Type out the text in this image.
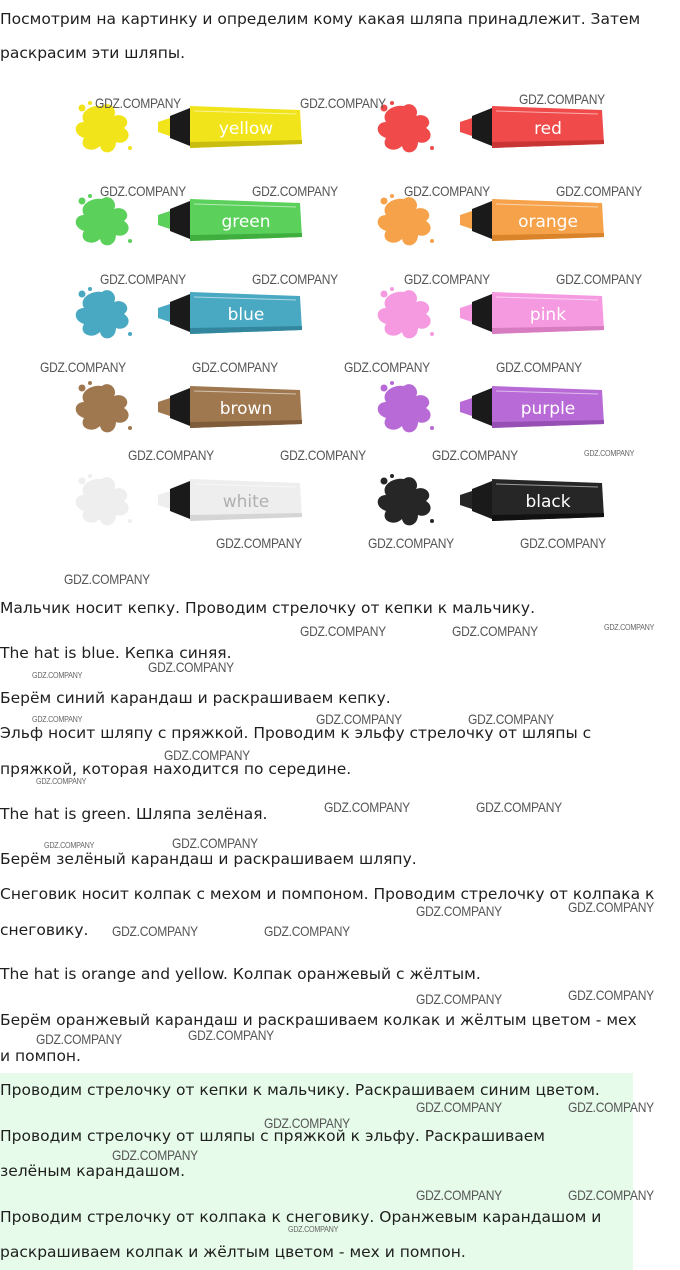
Посмотрим на картинку и определим кому какая шляпа принадлежит. Затем раскрасим эти шляпы.

yellow	red
green	orange
blue	pink
brown	purple
white	black

Мальчик носит кепку. Проводим стрелочку от кепки к мальчику.

The hat is blue. Кепка синяя.

Берём синий карандаш и раскрашиваем кепку.

Эльф носит шляпу с пряжкой. Проводим к эльфу стрелочку от шляпы с

пряжкой, которая находится по середине.

The hat is green. Шляпа зелёная.

Берём зелёный карандаш и раскрашиваем шляпу.

Снеговик носит колпак с мехом и помпоном. Проводим стрелочку от колпака к

снеговику.

The hat is orange and yellow. Колпак оранжевый с жёлтым.

Берём оранжевый карандаш и раскрашиваем колкак и жёлтым цветом - мех

и помпон.

Проводим стрелочку от кепки к мальчику. Раскрашиваем синим цветом.

Проводим стрелочку от шляпы с пряжкой к эльфу. Раскрашиваем

зелёным карандашом.

Проводим стрелочку от колпака к снеговику. Оранжевым карандашом и

раскрашиваем колпак и жёлтым цветом - мех и помпон.

GDZ.COMPANY	GDZ.COMPANY	GDZ.COMPANY
GDZ.COMPANY	GDZ.COMPANY	GDZ.COMPANY	GDZ.COMPANY
GDZ.COMPANY	GDZ.COMPANY	GDZ.COMPANY	GDZ.COMPANY
GDZ.COMPANY	GDZ.COMPANY	GDZ.COMPANY	GDZ.COMPANY
GDZ.COMPANY	GDZ.COMPANY	GDZ.COMPANY	GDZ.COMPANY
GDZ.COMPANY	GDZ.COMPANY	GDZ.COMPANY
GDZ.COMPANY
GDZ.COMPANY	GDZ.COMPANY	GDZ.COMPANY
GDZ.COMPANY
GDZ.COMPANY
GDZ.COMPANY	GDZ.COMPANY	GDZ.COMPANY
GDZ.COMPANY
GDZ.COMPANY
GDZ.COMPANY	GDZ.COMPANY
GDZ.COMPANY	GDZ.COMPANY
GDZ.COMPANY	GDZ.COMPANY
GDZ.COMPANY	GDZ.COMPANY
GDZ.COMPANY	GDZ.COMPANY
GDZ.COMPANY	GDZ.COMPANY
GDZ.COMPANY	GDZ.COMPANY
GDZ.COMPANY
GDZ.COMPANY
GDZ.COMPANY	GDZ.COMPANY
GDZ.COMPANY
